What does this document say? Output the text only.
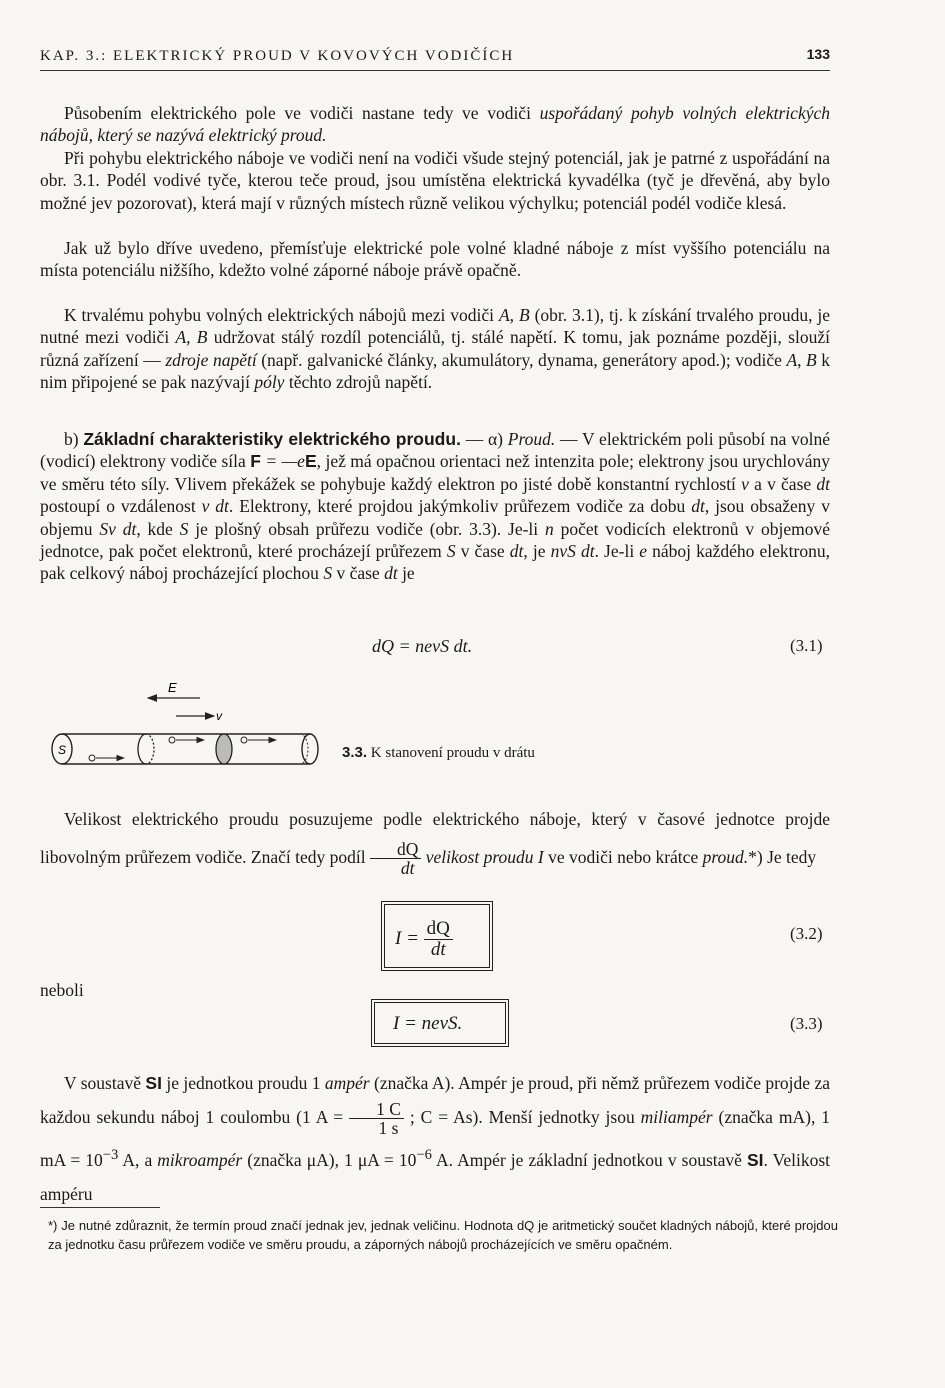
KAP. 3.: ELEKTRICKÝ PROUD V KOVOVÝCH VODIČÍCH	133
Působením elektrického pole ve vodiči nastane tedy ve vodiči uspořádaný pohyb volných elektrických nábojů, který se nazývá elektrický proud.
Při pohybu elektrického náboje ve vodiči není na vodiči všude stejný potenciál, jak je patrné z uspořádání na obr. 3.1. Podél vodivé tyče, kterou teče proud, jsou umístěna elektrická kyvadélka (tyč je dřevěná, aby bylo možné jev pozorovat), která mají v různých místech různě velikou výchylku; potenciál podél vodiče klesá.
Jak už bylo dříve uvedeno, přemísťuje elektrické pole volné kladné náboje z míst vyššího potenciálu na místa potenciálu nižšího, kdežto volné záporné náboje právě opačně.
K trvalému pohybu volných elektrických nábojů mezi vodiči A, B (obr. 3.1), tj. k získání trvalého proudu, je nutné mezi vodiči A, B udržovat stálý rozdíl potenciálů, tj. stálé napětí. K tomu, jak poznáme později, slouží různá zařízení — zdroje napětí (např. galvanické články, akumulátory, dynama, generátory apod.); vodiče A, B k nim připojené se pak nazývají póly těchto zdrojů napětí.
b) Základní charakteristiky elektrického proudu. — α) Proud. — V elektrickém poli působí na volné (vodicí) elektrony vodiče síla F = —eE, jež má opačnou orientaci než intenzita pole; elektrony jsou urychlovány ve směru této síly. Vlivem překážek se pohybuje každý elektron po jisté době konstantní rychlostí v a v čase dt postoupí o vzdálenost v dt. Elektrony, které projdou jakýmkoliv průřezem vodiče za dobu dt, jsou obsaženy v objemu Sv dt, kde S je plošný obsah průřezu vodiče (obr. 3.3). Je-li n počet vodicích elektronů v objemové jednotce, pak počet elektronů, které procházejí průřezem S v čase dt, je nvS dt. Je-li e náboj každého elektronu, pak celkový náboj procházející plochou S v čase dt je
dQ = nevS dt.	(3.1)
E
v
S	3.3. K stanovení proudu v drátu
Velikost elektrického proudu posuzujeme podle elektrického náboje, který v časové jednotce projde libovolným průřezem vodiče. Značí tedy podíl $\frac{dQ}{dt}$ velikost proudu I ve vodiči nebo krátce proud.*) Je tedy
$I = \frac{dQ}{dt}$	(3.2)
neboli
I = nevS.	(3.3)
V soustavě SI je jednotkou proudu 1 ampér (značka A). Ampér je proud, při němž průřezem vodiče projde za každou sekundu náboj 1 coulombu (1 $A = \frac{1 C}{1 s}$ ; C = As). Menší jednotky jsou miliampér (značka mA), 1 mA = $10^{-3}$ A, a mikroampér (značka μA), 1 $\mu A = 10^{-6}$ A. Ampér je základní jednotkou v soustavě SI. Velikost ampéru
*) Je nutné zdůraznit, že termín proud značí jednak jev, jednak veličinu. Hodnota dQ je aritmetický součet kladných nábojů, které projdou za jednotku času průřezem vodiče ve směru proudu, a záporných nábojů procházejících ve směru opačném.
